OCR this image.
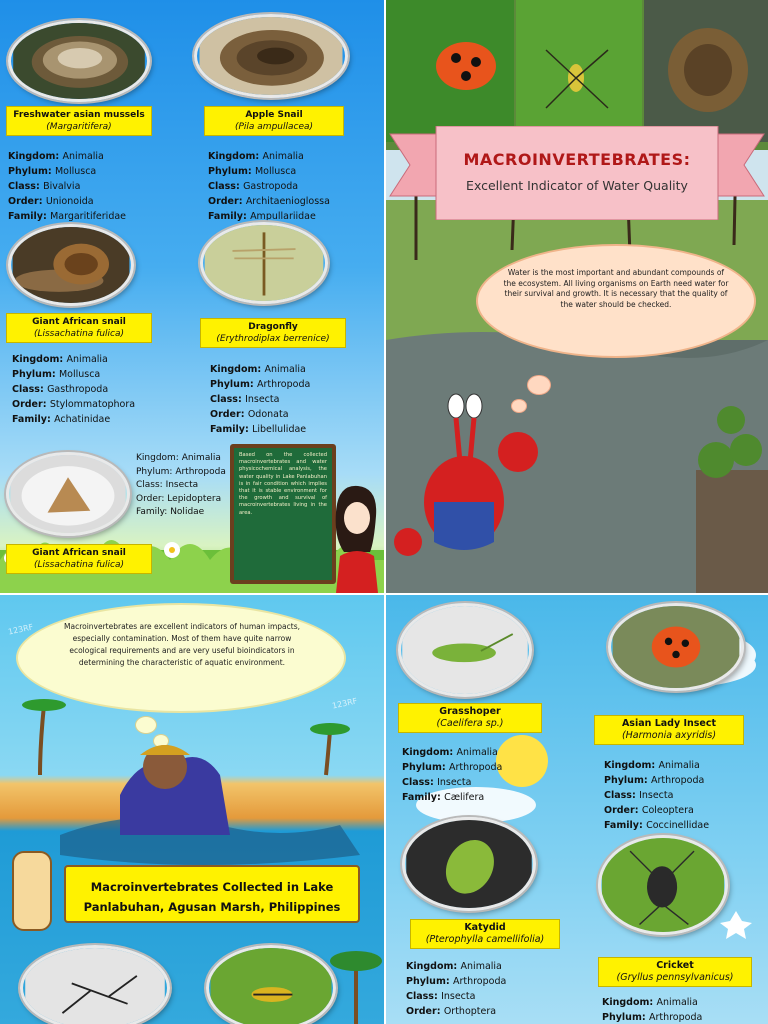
Freshwater asian mussels
(Margaritifera)
Kingdom: Animalia
Phylum: Mollusca
Class: Bivalvia
Order: Unionoida
Family: Margaritiferidae
Apple Snail
(Pila ampullacea)
Kingdom: Animalia
Phylum: Mollusca
Class: Gastropoda
Order: Architaenioglossa
Family: Ampullariidae
Giant African snail
(Lissachatina fulica)
Kingdom: Animalia
Phylum: Mollusca
Class: Gasthropoda
Order: Stylommatophora
Family: Achatinidae
Dragonfly
(Erythrodiplax berrenice)
Kingdom: Animalia
Phylum: Arthropoda
Class: Insecta
Order: Odonata
Family: Libellulidae
Kingdom: Animalia
Phylum: Arthropoda
Class: Insecta
Order: Lepidoptera
Family: Nolidae
Giant African snail
(Lissachatina fulica)
Based on the collected macroinvertebrates and water physicochemical analysis, the water quality in Lake Panlabuhan is in fair condition which implies that it is stable environment for the growth and survival of macroinvertebrates living in the area.
MACROINVERTEBRATES:
Excellent Indicator of Water Quality
Water is the most important and abundant compounds of the ecosystem. All living organisms on Earth need water for their survival and growth. It is necessary that the quality of the water should be checked.
123RF
123RF
Macroinvertebrates are excellent indicators of human impacts, especially contamination. Most of them have quite narrow ecological requirements and are very useful bioindicators in determining the characteristic of aquatic environment.
Macroinvertebrates Collected in Lake Panlabuhan, Agusan Marsh, Philippines
Grasshoper
(Caelifera sp.)
Kingdom: Animalia
Phylum: Arthropoda
Class: Insecta
Family: Cælifera
Asian Lady Insect
(Harmonia axyridis)
Kingdom: Animalia
Phylum: Arthropoda
Class: Insecta
Order: Coleoptera
Family: Coccinellidae
Katydid
(Pterophylla camellifolia)
Kingdom: Animalia
Phylum: Arthropoda
Class: Insecta
Order: Orthoptera
Cricket
(Gryllus pennsylvanicus)
Kingdom: Animalia
Phylum: Arthropoda
